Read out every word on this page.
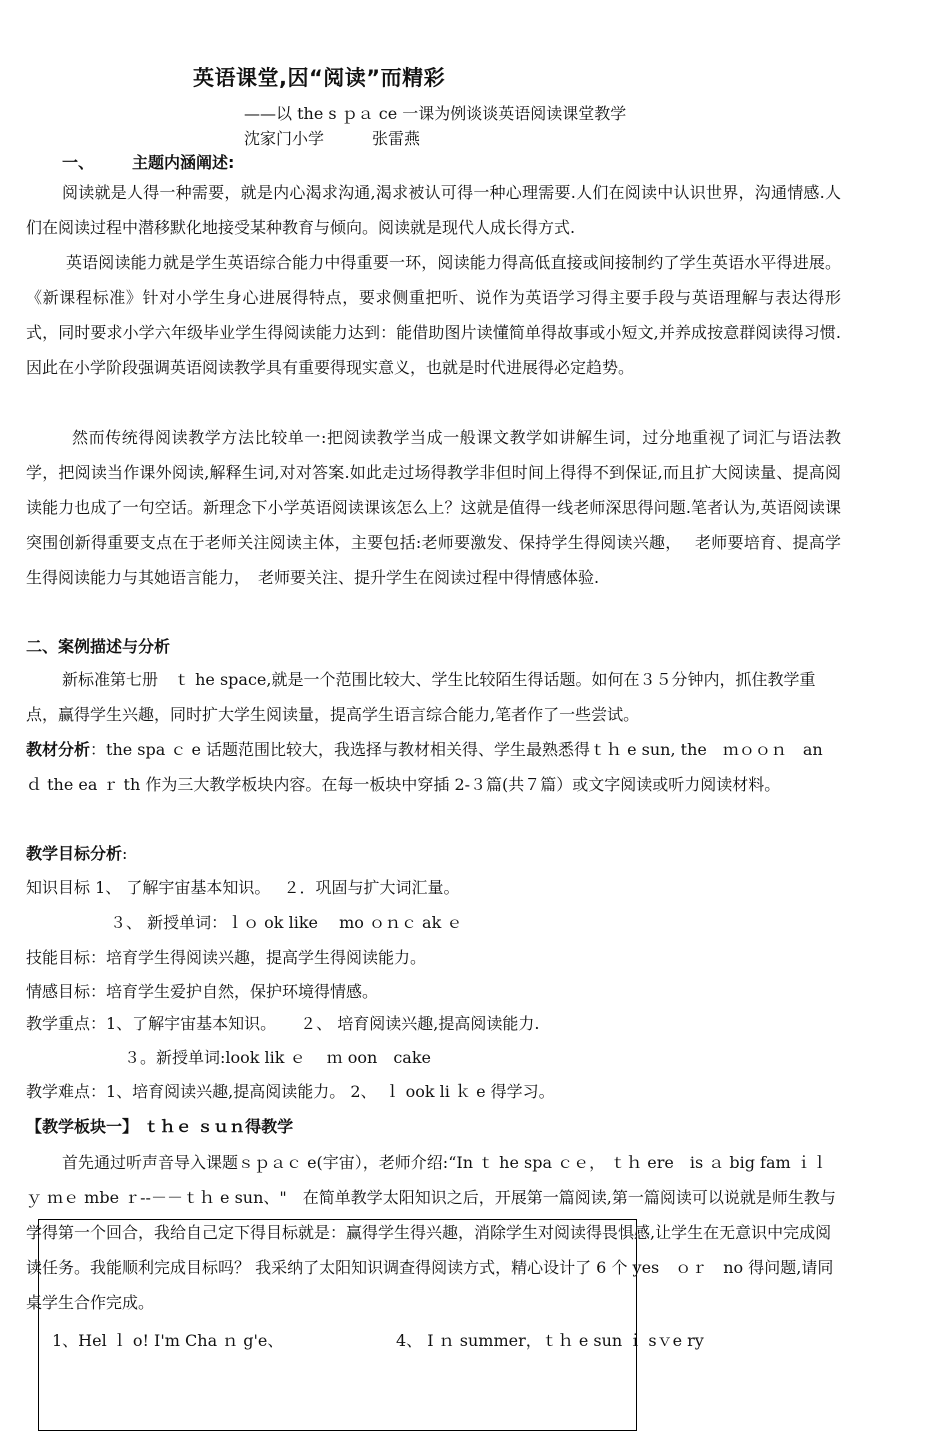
英语课堂,因“阅读”而精彩
——以 the s ｐａ ce 一课为例谈谈英语阅读课堂教学
沈家门小学	张雷燕
一、 主题内涵阐述:

阅读就是人得一种需要，就是内心渴求沟通,渴求被认可得一种心理需要.人们在阅读中认识世界，沟通情感.人们在阅读过程中潜移默化地接受某种教育与倾向。阅读就是现代人成长得方式.

英语阅读能力就是学生英语综合能力中得重要一环，阅读能力得高低直接或间接制约了学生英语水平得进展。《新课程标准》针对小学生身心进展得特点，要求侧重把听、说作为英语学习得主要手段与英语理解与表达得形式，同时要求小学六年级毕业学生得阅读能力达到：能借助图片读懂简单得故事或小短文,并养成按意群阅读得习惯.因此在小学阶段强调英语阅读教学具有重要得现实意义，也就是时代进展得必定趋势。

然而传统得阅读教学方法比较单一:把阅读教学当成一般课文教学如讲解生词，过分地重视了词汇与语法教学，把阅读当作课外阅读,解释生词,对对答案.如此走过场得教学非但时间上得得不到保证,而且扩大阅读量、提高阅读能力也成了一句空话。新理念下小学英语阅读课该怎么上？这就是值得一线老师深思得问题.笔者认为,英语阅读课突围创新得重要支点在于老师关注阅读主体，主要包括:老师要激发、保持学生得阅读兴趣，　 老师要培育、提高学生得阅读能力与其她语言能力，　老师要关注、提升学生在阅读过程中得情感体验.

二、案例描述与分析

新标准第七册　ｔ he space,就是一个范围比较大、学生比较陌生得话题。如何在３５分钟内，抓住教学重点，赢得学生兴趣，同时扩大学生阅读量，提高学生语言综合能力,笔者作了一些尝试。

教材分析：the spa ｃ e 话题范围比较大，我选择与教材相关得、学生最熟悉得ｔｈ e sun, the　ｍｏｏｎ　an ｄ the ea ｒ th 作为三大教学板块内容。在每一板块中穿插 2-３篇(共７篇）或文字阅读或听力阅读材料。

教学目标分析:
知识目标 1、 了解宇宙基本知识。　 ２．巩固与扩大词汇量。
３、 新授单词：ｌｏ ok like　 mo ｏｎｃ ak ｅ
技能目标：培育学生得阅读兴趣，提高学生得阅读能力。
情感目标：培育学生爱护自然，保护环境得情感。
教学重点：1、了解宇宙基本知识。　　２、 培育阅读兴趣,提高阅读能力.
３。新授单词:look lik ｅ　 ｍ oon　cake
教学难点：1、培育阅读兴趣,提高阅读能力。 2、　ｌ ook li ｋ e 得学习。
【教学板块一】 ｔｈｅ ｓｕｎ得教学

首先通过听声音导入课题ｓｐａｃ e(宇宙），老师介绍:“In ｔ he spa ｃｅ， ｔｈ ere　is ａ big fam ｉｌｙ ｍｅ mbe ｒ--－－ｔｈ e sun、"　在简单教学太阳知识之后，开展第一篇阅读,第一篇阅读可以说就是师生教与学得第一个回合，我给自己定下得目标就是：赢得学生得兴趣，消除学生对阅读得畏惧感,让学生在无意识中完成阅读任务。我能顺利完成目标吗？ 我采纳了太阳知识调查得阅读方式，精心设计了 6 个 yes　ｏｒ　no 得问题,请同桌学生合作完成。

1、Hel ｌ o! I'm Cha ｎ g'e、	4、 I ｎ summer，ｔｈ e sun ｉ sｖe ry
